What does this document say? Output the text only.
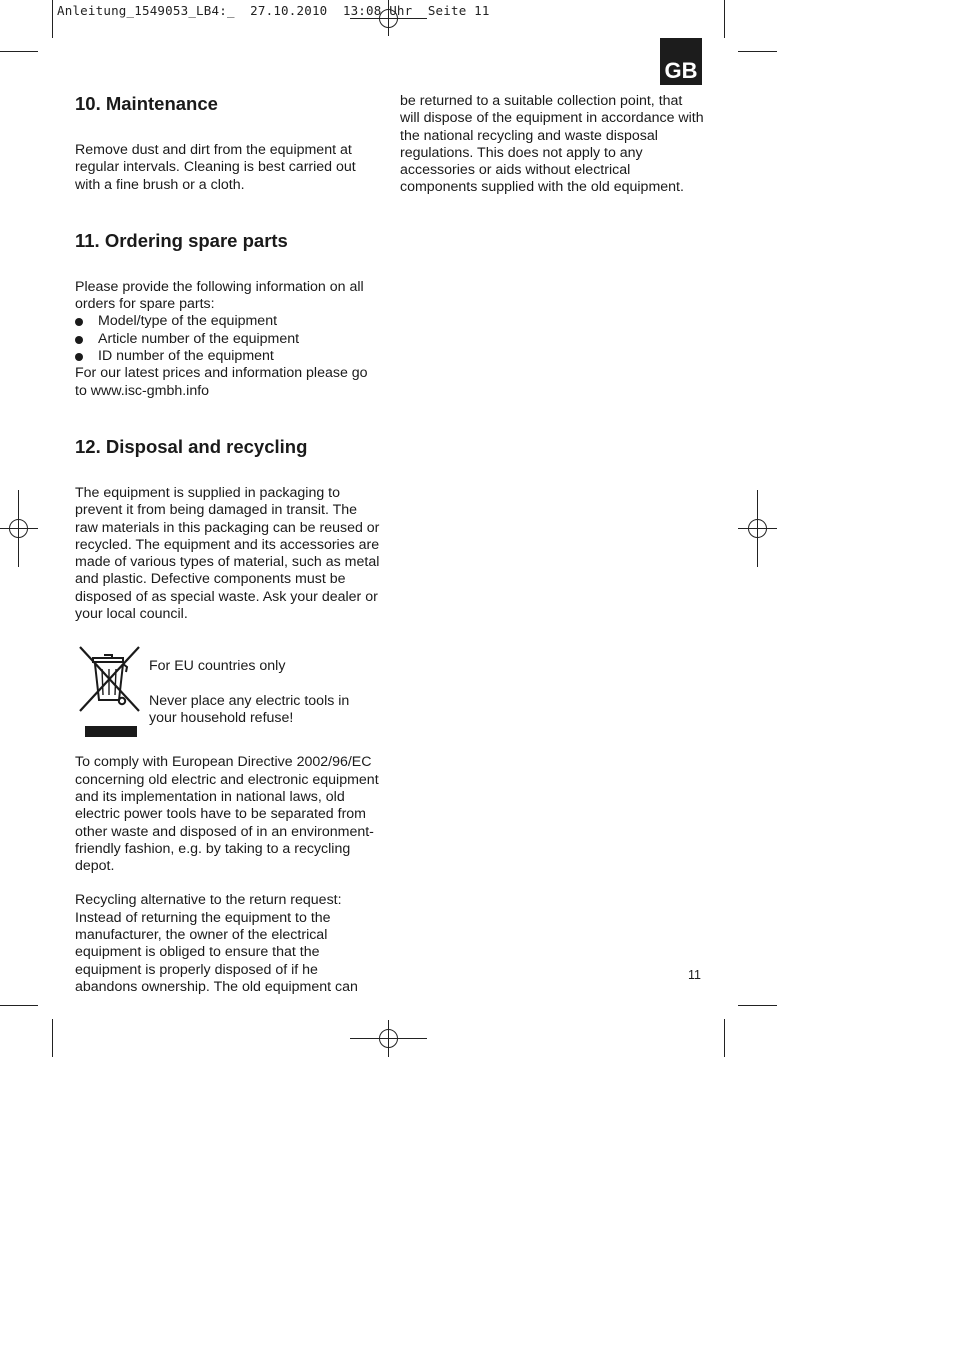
Anleitung_1549053_LB4:_  27.10.2010  13:08 Uhr  Seite 11
GB
10. Maintenance

Remove dust and dirt from the equipment at regular intervals. Cleaning is best carried out with a fine brush or a cloth.

11. Ordering spare parts

Please provide the following information on all orders for spare parts:

Model/type of the equipment
Article number of the equipment
ID number of the equipment

For our latest prices and information please go to www.isc-gmbh.info

12. Disposal and recycling

The equipment is supplied in packaging to prevent it from being damaged in transit. The raw materials in this packaging can be reused or recycled. The equipment and its accessories are made of various types of material, such as metal and plastic. Defective components must be disposed of as special waste. Ask your dealer or your local council.

For EU countries only

Never place any electric tools in your household refuse!

To comply with European Directive 2002/96/EC concerning old electric and electronic equipment and its implementation in national laws, old electric power tools have to be separated from other waste and disposed of in an environment-friendly fashion, e.g. by taking to a recycling depot.

Recycling alternative to the return request: Instead of returning the equipment to the manufacturer, the owner of the electrical equipment is obliged to ensure that the equipment is properly disposed of if he abandons ownership. The old equipment can

be returned to a suitable collection point, that will dispose of the equipment in accordance with the national recycling and waste disposal regulations. This does not apply to any accessories or aids without electrical components supplied with the old equipment.

11
